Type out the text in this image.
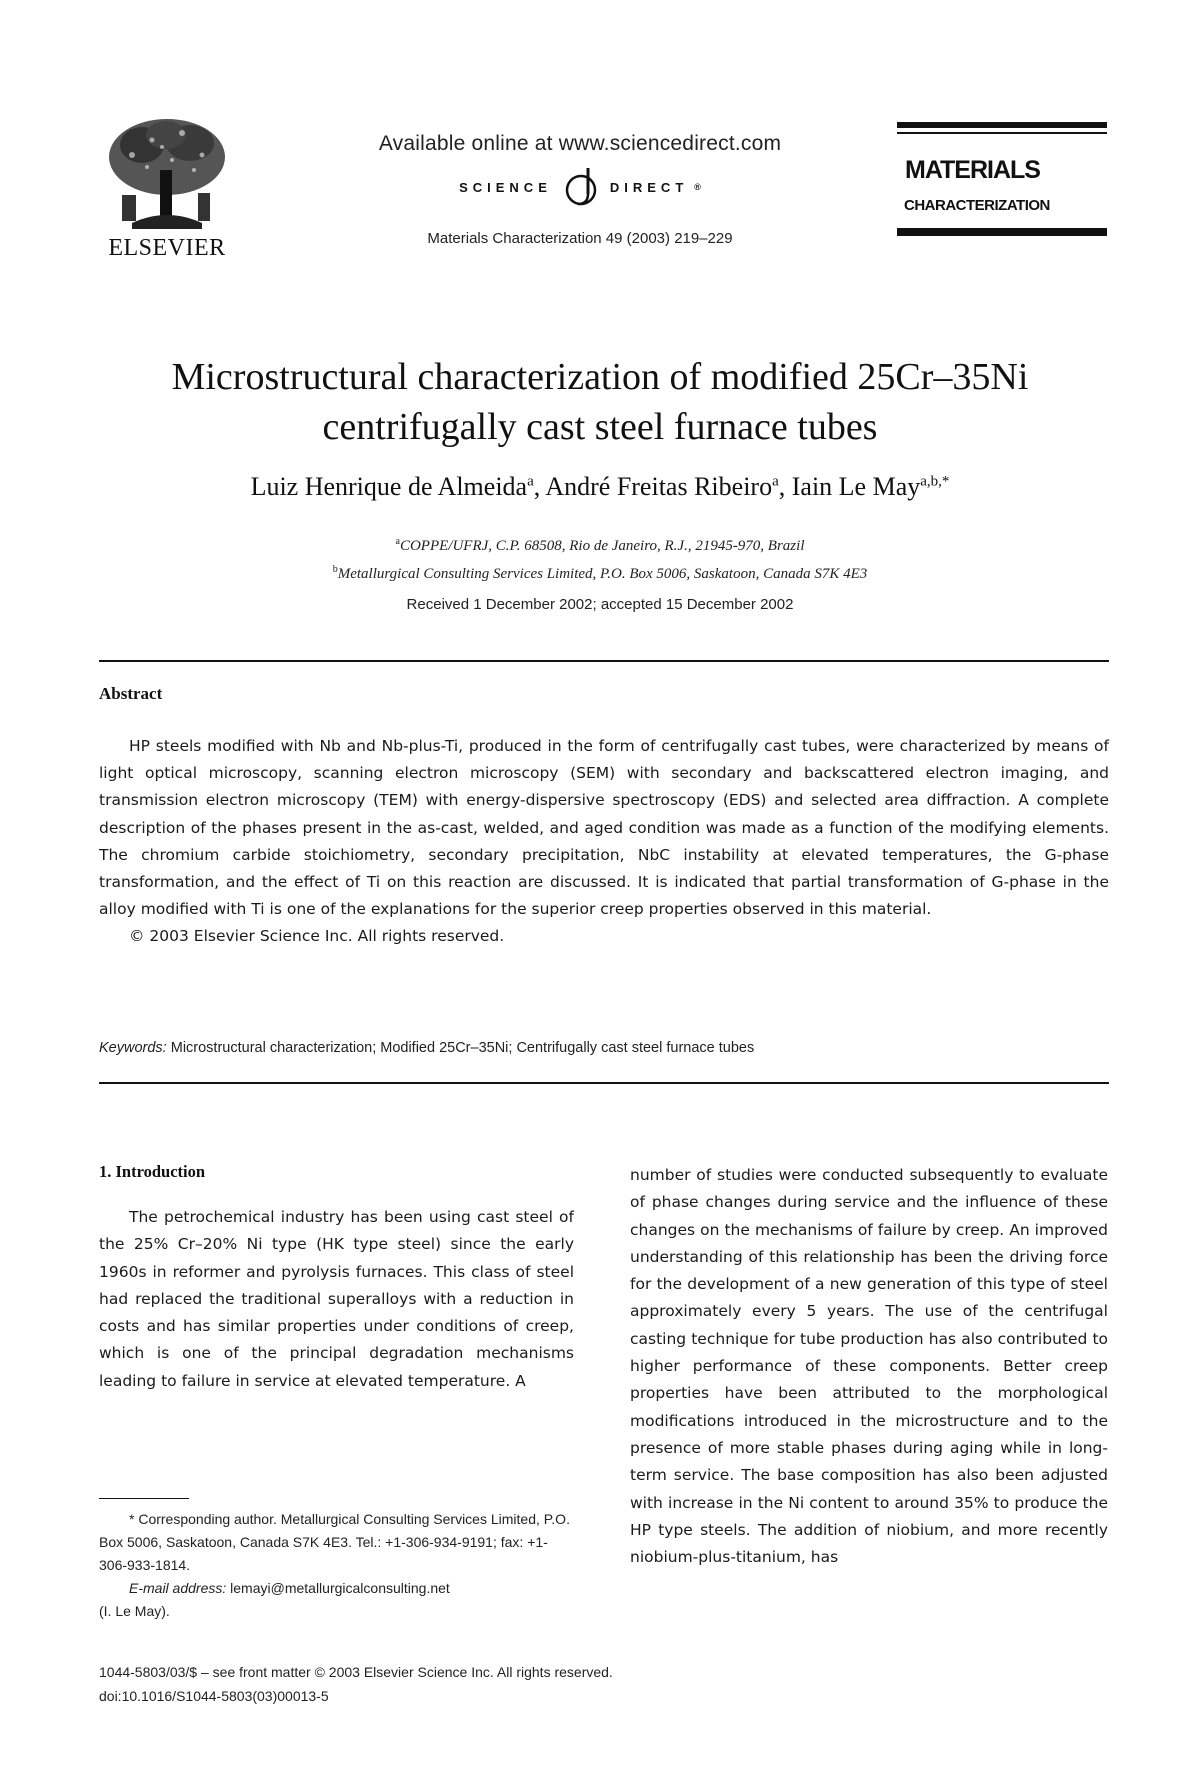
ELSEVIER
Available online at www.sciencedirect.com
SCIENCE	DIRECT ®
Materials Characterization 49 (2003) 219–229
MATERIALS
CHARACTERIZATION
Microstructural characterization of modified 25Cr–35Ni
centrifugally cast steel furnace tubes
Luiz Henrique de Almeida$^a$, André Freitas Ribeiro$^a$, Iain Le May$^{a,b,*}$
$^a$COPPE/UFRJ, C.P. 68508, Rio de Janeiro, R.J., 21945-970, Brazil
$^b$Metallurgical Consulting Services Limited, P.O. Box 5006, Saskatoon, Canada S7K 4E3
Received 1 December 2002; accepted 15 December 2002
Abstract

HP steels modified with Nb and Nb-plus-Ti, produced in the form of centrifugally cast tubes, were characterized by means of light optical microscopy, scanning electron microscopy (SEM) with secondary and backscattered electron imaging, and transmission electron microscopy (TEM) with energy-dispersive spectroscopy (EDS) and selected area diffraction. A complete description of the phases present in the as-cast, welded, and aged condition was made as a function of the modifying elements. The chromium carbide stoichiometry, secondary precipitation, NbC instability at elevated temperatures, the G-phase transformation, and the effect of Ti on this reaction are discussed. It is indicated that partial transformation of G-phase in the alloy modified with Ti is one of the explanations for the superior creep properties observed in this material.

© 2003 Elsevier Science Inc. All rights reserved.

Keywords: Microstructural characterization; Modified 25Cr–35Ni; Centrifugally cast steel furnace tubes
1. Introduction

The petrochemical industry has been using cast steel of the 25% Cr–20% Ni type (HK type steel) since the early 1960s in reformer and pyrolysis furnaces. This class of steel had replaced the traditional superalloys with a reduction in costs and has similar properties under conditions of creep, which is one of the principal degradation mechanisms leading to failure in service at elevated temperature. A

number of studies were conducted subsequently to evaluate of phase changes during service and the influence of these changes on the mechanisms of failure by creep. An improved understanding of this relationship has been the driving force for the development of a new generation of this type of steel approximately every 5 years. The use of the centrifugal casting technique for tube production has also contributed to higher performance of these components. Better creep properties have been attributed to the morphological modifications introduced in the microstructure and to the presence of more stable phases during aging while in long-term service. The base composition has also been adjusted with increase in the Ni content to around 35% to produce the HP type steels. The addition of niobium, and more recently niobium-plus-titanium, has

* Corresponding author. Metallurgical Consulting Services Limited, P.O. Box 5006, Saskatoon, Canada S7K 4E3. Tel.: +1-306-934-9191; fax: +1-306-933-1814.

E-mail address: lemayi@metallurgicalconsulting.net

(I. Le May).

1044-5803/03/$ – see front matter © 2003 Elsevier Science Inc. All rights reserved.
doi:10.1016/S1044-5803(03)00013-5
